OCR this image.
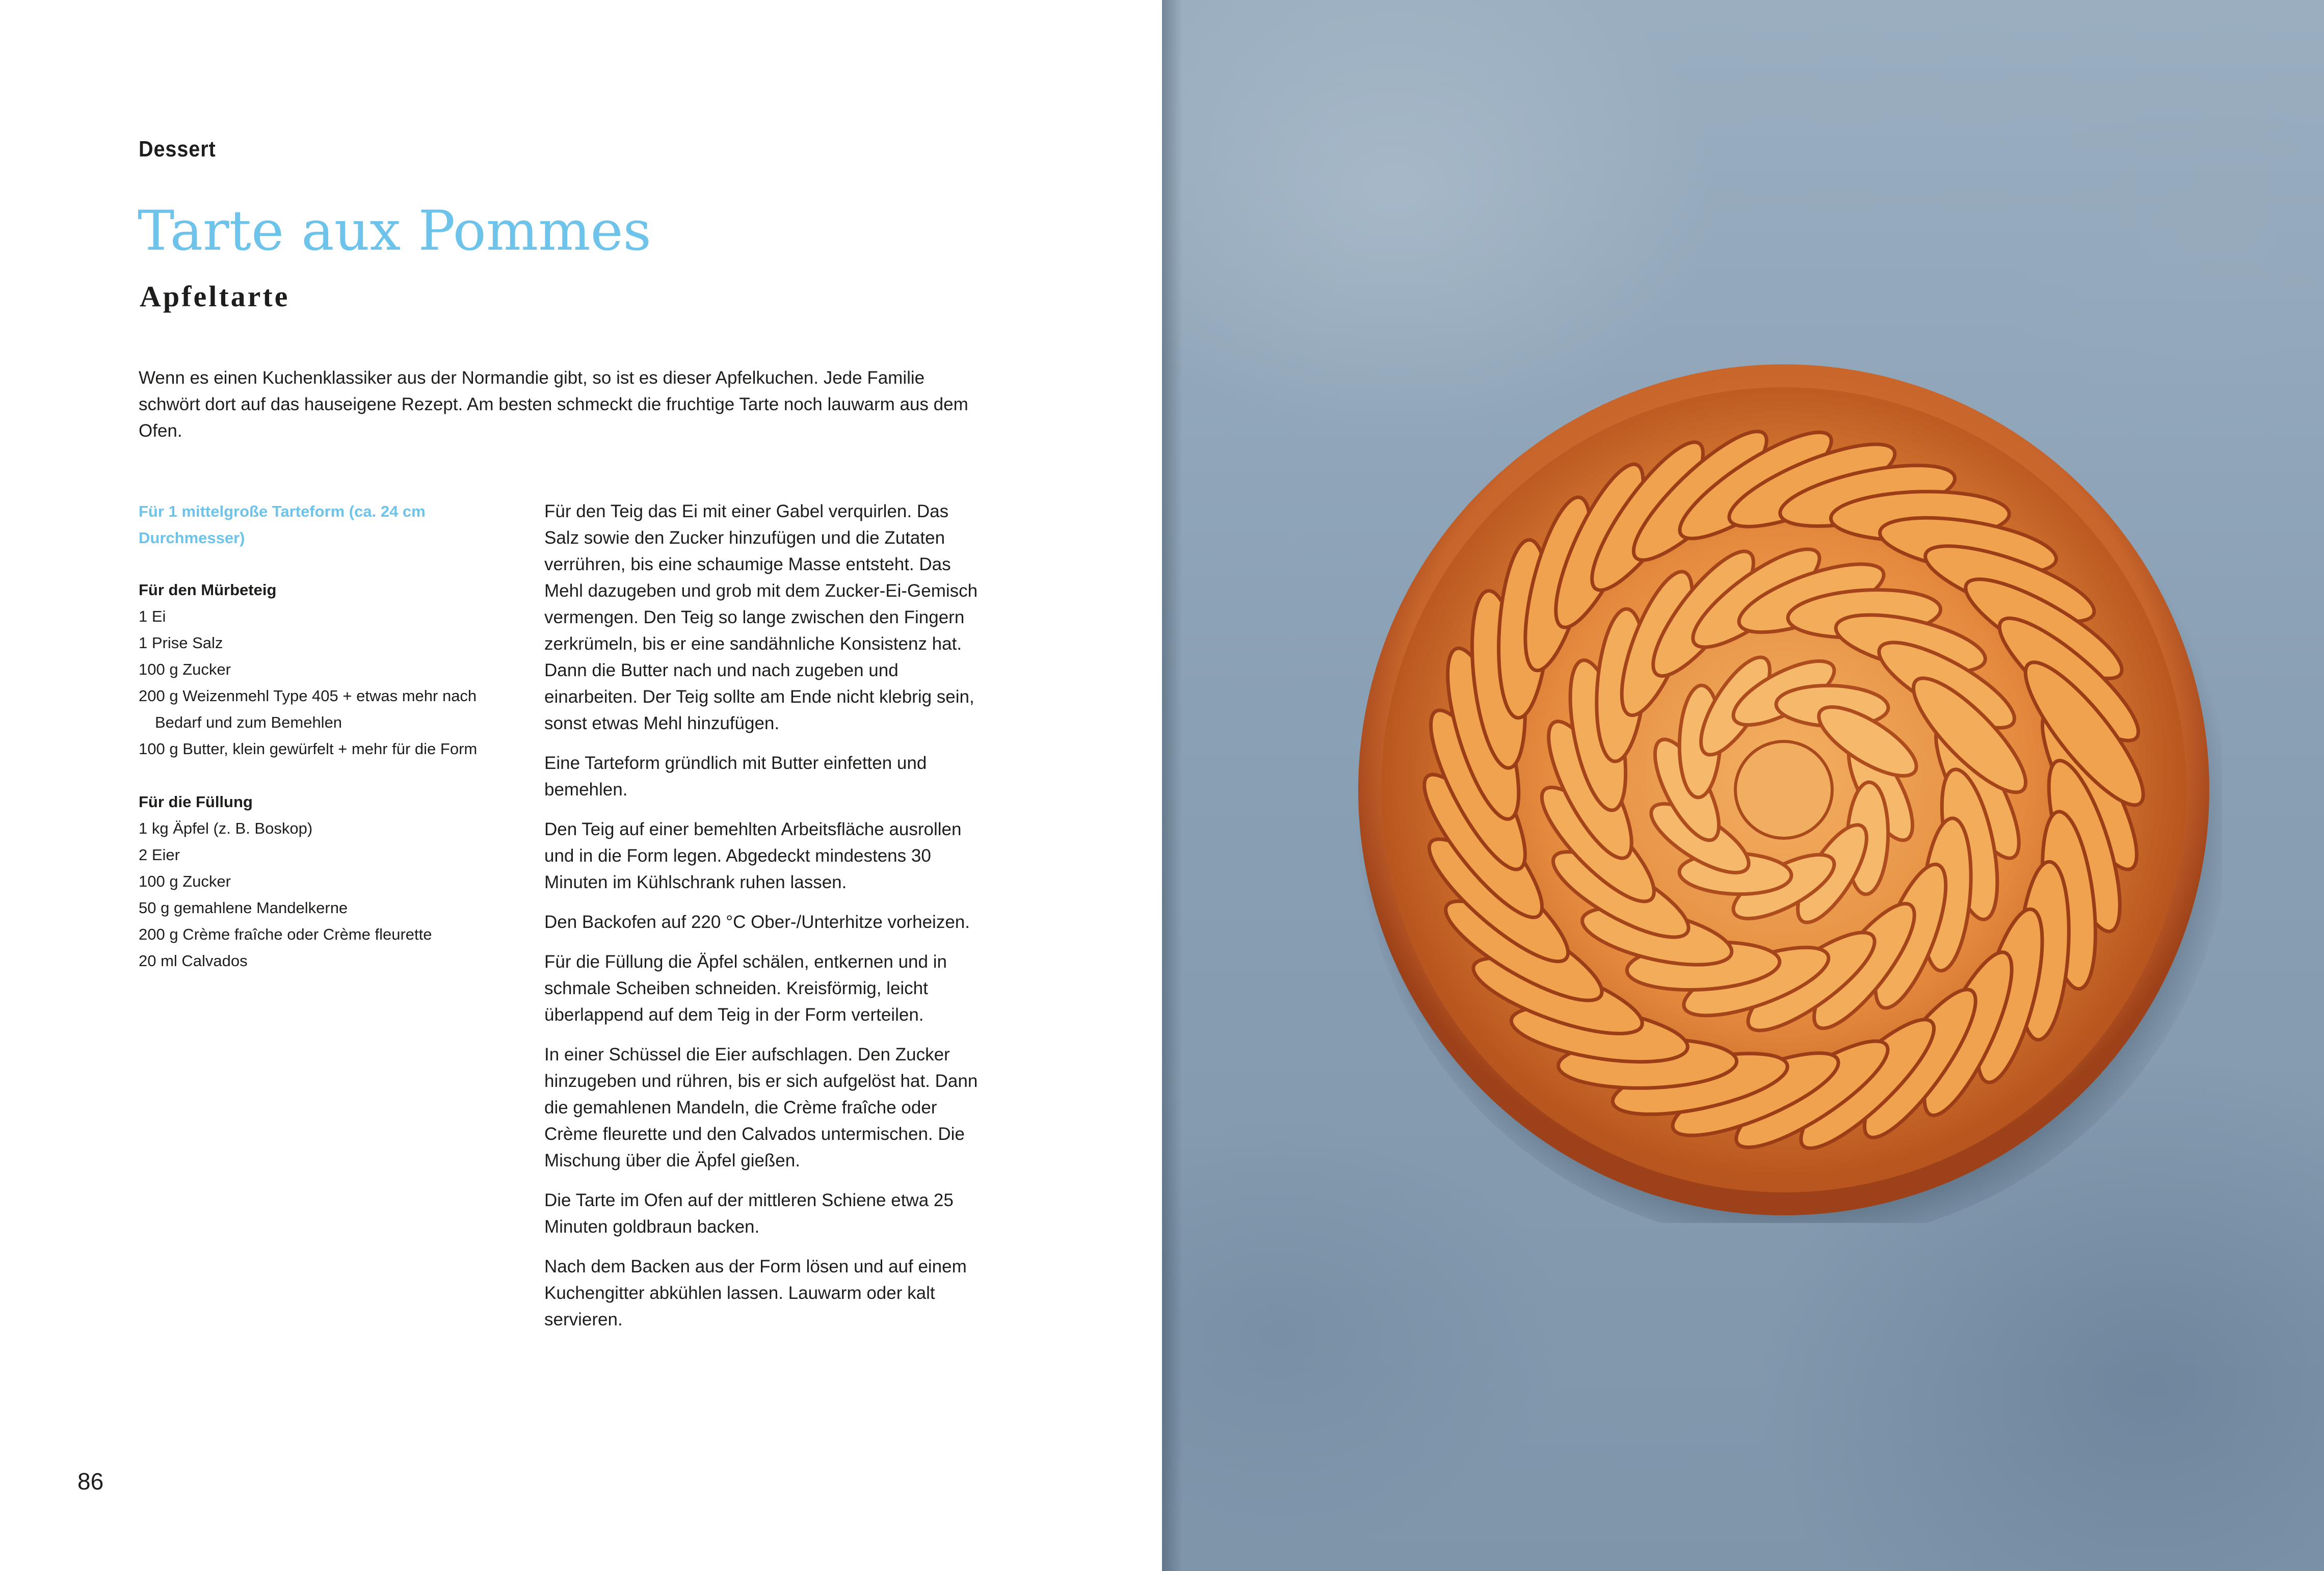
Dessert
Tarte aux Pommes
Apfeltarte

Wenn es einen Kuchenklassiker aus der Normandie gibt, so ist es dieser Apfelkuchen. Jede Familie schwört dort auf das hauseigene Rezept. Am besten schmeckt die fruchtige Tarte noch lauwarm aus dem Ofen.

Für 1 mittelgroße Tarteform (ca. 24 cm Durchmesser)

Für den Mürbeteig
1 Ei
1 Prise Salz
100 g Zucker
200 g Weizenmehl Type 405 + etwas mehr nach Bedarf und zum Bemehlen
100 g Butter, klein gewürfelt + mehr für die Form
Für die Füllung
1 kg Äpfel (z. B. Boskop)
2 Eier
100 g Zucker
50 g gemahlene Mandelkerne
200 g Crème fraîche oder Crème fleurette
20 ml Calvados

Für den Teig das Ei mit einer Gabel verquirlen. Das Salz sowie den Zucker hinzufügen und die Zutaten verrühren, bis eine schaumige Masse entsteht. Das Mehl dazugeben und grob mit dem Zucker-Ei-Gemisch vermengen. Den Teig so lange zwischen den Fingern zerkrümeln, bis er eine sandähnliche Konsistenz hat. Dann die Butter nach und nach zugeben und einarbeiten. Der Teig sollte am Ende nicht klebrig sein, sonst etwas Mehl hinzufügen.

Eine Tarteform gründlich mit Butter einfetten und bemehlen.

Den Teig auf einer bemehlten Arbeitsfläche ausrollen und in die Form legen. Abgedeckt mindestens 30 Minuten im Kühlschrank ruhen lassen.

Den Backofen auf 220 °C Ober-/Unterhitze vorheizen.

Für die Füllung die Äpfel schälen, entkernen und in schmale Scheiben schneiden. Kreisförmig, leicht überlappend auf dem Teig in der Form verteilen.

In einer Schüssel die Eier aufschlagen. Den Zucker hinzugeben und rühren, bis er sich aufgelöst hat. Dann die gemahlenen Mandeln, die Crème fraîche oder Crème fleurette und den Calvados untermischen. Die Mischung über die Äpfel gießen.

Die Tarte im Ofen auf der mittleren Schiene etwa 25 Minuten goldbraun backen.

Nach dem Backen aus der Form lösen und auf einem Kuchengitter abkühlen lassen. Lauwarm oder kalt servieren.

86
